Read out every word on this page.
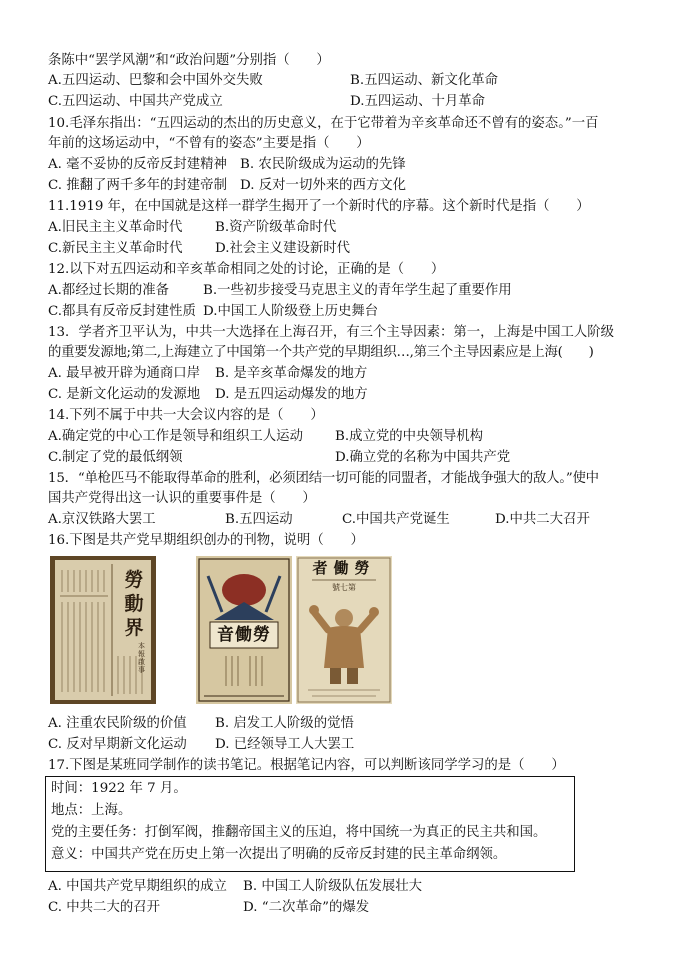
条陈中“罢学风潮”和“政治问题”分别指（　　）
A.五四运动、巴黎和会中国外交失败	B.五四运动、新文化革命
C.五四运动、中国共产党成立	D.五四运动、十月革命
10.毛泽东指出：“五四运动的杰出的历史意义，在于它带着为辛亥革命还不曾有的姿态。”一百
年前的这场运动中，“不曾有的姿态”主要是指（　　）
A. 毫不妥协的反帝反封建精神 B. 农民阶级成为运动的先锋
C. 推翻了两千多年的封建帝制 D. 反对一切外来的西方文化
11.1919 年，在中国就是这样一群学生揭开了一个新时代的序幕。这个新时代是指（　　）
A.旧民主主义革命时代 B.资产阶级革命时代
C.新民主主义革命时代 D.社会主义建设新时代
12.以下对五四运动和辛亥革命相同之处的讨论，正确的是（　　）
A.都经过长期的准备	B.一些初步接受马克思主义的青年学生起了重要作用
C.都具有反帝反封建性质 D.中国工人阶级登上历史舞台
13．学者齐卫平认为，中共一大选择在上海召开，有三个主导因素：第一，上海是中国工人阶级
的重要发源地;第二,上海建立了中国第一个共产党的早期组织…,第三个主导因素应是上海(　　)
A. 最早被开辟为通商口岸 B. 是辛亥革命爆发的地方
C. 是新文化运动的发源地 D. 是五四运动爆发的地方
14.下列不属于中共一大会议内容的是（　　）
A.确定党的中心工作是领导和组织工人运动 B.成立党的中央领导机构
C.制定了党的最低纲领	D.确立党的名称为中国共产党
15．“单枪匹马不能取得革命的胜利，必须团结一切可能的同盟者，才能战争强大的敌人。”使中
国共产党得出这一认识的重要事件是（　　）
A.京汉铁路大罢工	B.五四运动	C.中国共产党诞生	D.中共二大召开
16.下图是共产党早期组织创办的刊物，说明（　　）
勞動界
本報啟事
音働勞
者働勞
號七第
A. 注重农民阶级的价值 B. 启发工人阶级的觉悟
C. 反对早期新文化运动 D. 已经领导工人大罢工
17.下图是某班同学制作的读书笔记。根据笔记内容，可以判断该同学学习的是（　　）
时间：1922 年 7 月。
地点：上海。
党的主要任务：打倒军阀，推翻帝国主义的压迫，将中国统一为真正的民主共和国。
意义：中国共产党在历史上第一次提出了明确的反帝反封建的民主革命纲领。
A. 中国共产党早期组织的成立 B. 中国工人阶级队伍发展壮大
C. 中共二大的召开	D. “二次革命”的爆发
